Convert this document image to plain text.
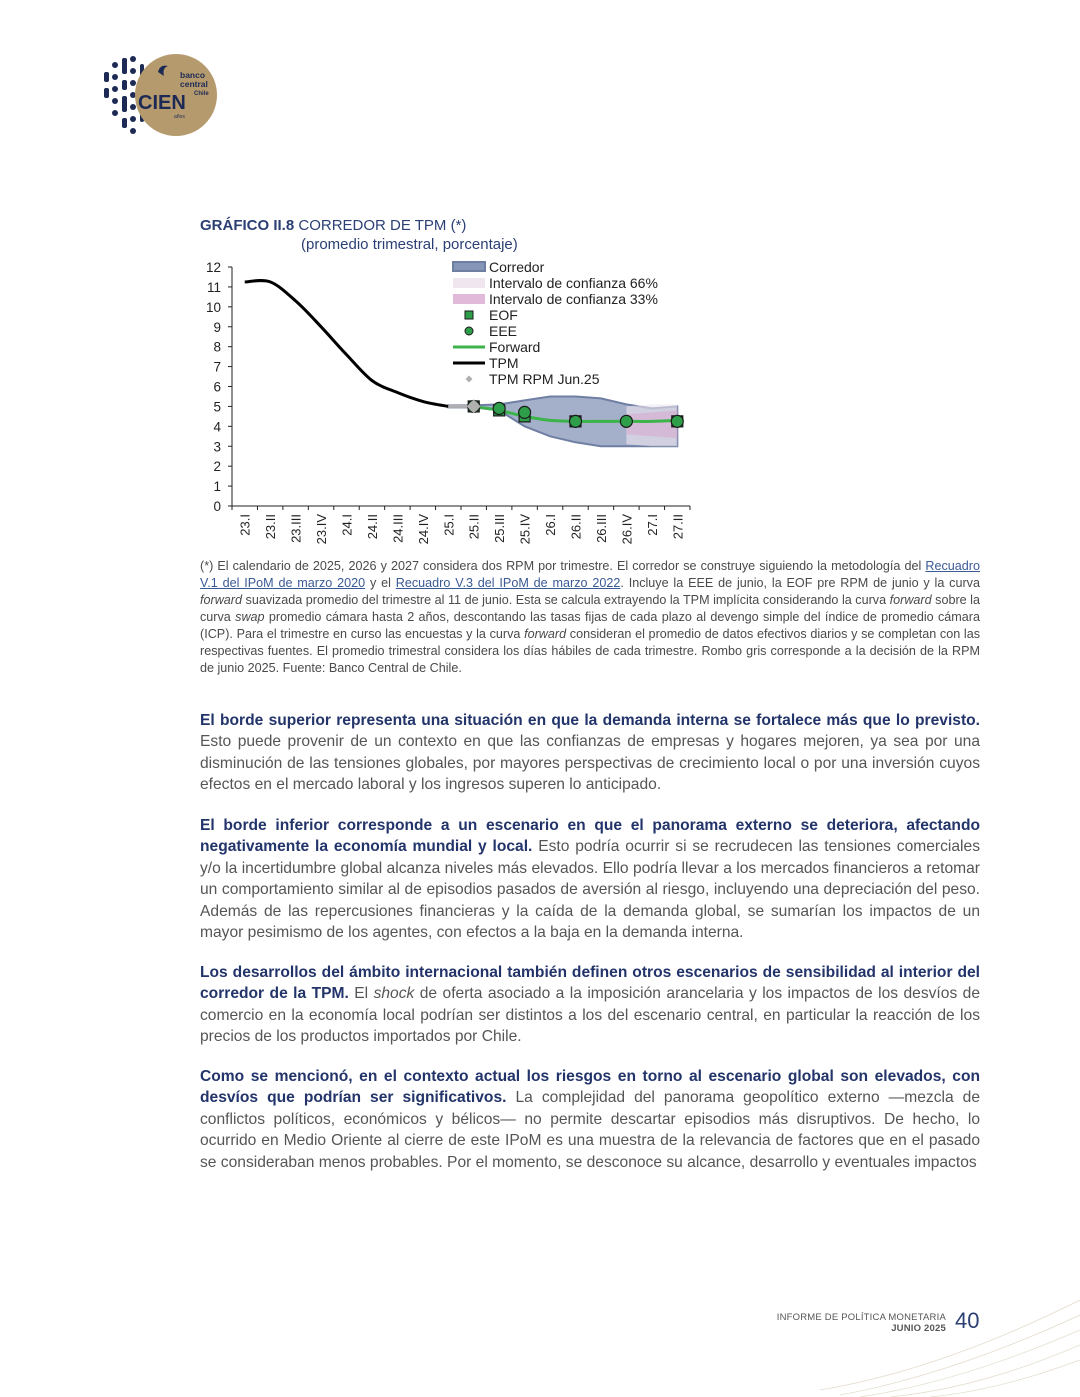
banco
central
Chile
CIEN
años
GRÁFICO II.8 CORREDOR DE TPM (*)
(promedio trimestral, porcentaje)
0
1
2
3
4
5
6
7
8
9
10
11
12
23.I 23.II 23.III 23.IV 24.I 24.II 24.III 24.IV 25.I 25.II 25.III 25.IV 26.I 26.II 26.III 26.IV 27.I 27.II
Corredor
Intervalo de confianza 66%
Intervalo de confianza 33%
EOF
EEE
Forward
TPM
TPM RPM Jun.25
(*) El calendario de 2025, 2026 y 2027 considera dos RPM por trimestre. El corredor se construye siguiendo la metodología del Recuadro V.1 del IPoM de marzo 2020 y el Recuadro V.3 del IPoM de marzo 2022. Incluye la EEE de junio, la EOF pre RPM de junio y la curva forward suavizada promedio del trimestre al 11 de junio. Esta se calcula extrayendo la TPM implícita considerando la curva forward sobre la curva swap promedio cámara hasta 2 años, descontando las tasas fijas de cada plazo al devengo simple del índice de promedio cámara (ICP). Para el trimestre en curso las encuestas y la curva forward consideran el promedio de datos efectivos diarios y se completan con las respectivas fuentes. El promedio trimestral considera los días hábiles de cada trimestre. Rombo gris corresponde a la decisión de la RPM de junio 2025. Fuente: Banco Central de Chile.

El borde superior representa una situación en que la demanda interna se fortalece más que lo previsto. Esto puede provenir de un contexto en que las confianzas de empresas y hogares mejoren, ya sea por una disminución de las tensiones globales, por mayores perspectivas de crecimiento local o por una inversión cuyos efectos en el mercado laboral y los ingresos superen lo anticipado.

El borde inferior corresponde a un escenario en que el panorama externo se deteriora, afectando negativamente la economía mundial y local. Esto podría ocurrir si se recrudecen las tensiones comerciales y/o la incertidumbre global alcanza niveles más elevados. Ello podría llevar a los mercados financieros a retomar un comportamiento similar al de episodios pasados de aversión al riesgo, incluyendo una depreciación del peso. Además de las repercusiones financieras y la caída de la demanda global, se sumarían los impactos de un mayor pesimismo de los agentes, con efectos a la baja en la demanda interna.

Los desarrollos del ámbito internacional también definen otros escenarios de sensibilidad al interior del corredor de la TPM. El shock de oferta asociado a la imposición arancelaria y los impactos de los desvíos de comercio en la economía local podrían ser distintos a los del escenario central, en particular la reacción de los precios de los productos importados por Chile.

Como se mencionó, en el contexto actual los riesgos en torno al escenario global son elevados, con desvíos que podrían ser significativos. La complejidad del panorama geopolítico externo —mezcla de conflictos políticos, económicos y bélicos— no permite descartar episodios más disruptivos. De hecho, lo ocurrido en Medio Oriente al cierre de este IPoM es una muestra de la relevancia de factores que en el pasado se consideraban menos probables. Por el momento, se desconoce su alcance, desarrollo y eventuales impactos

INFORME DE POLÍTICA MONETARIA
JUNIO 2025 40
